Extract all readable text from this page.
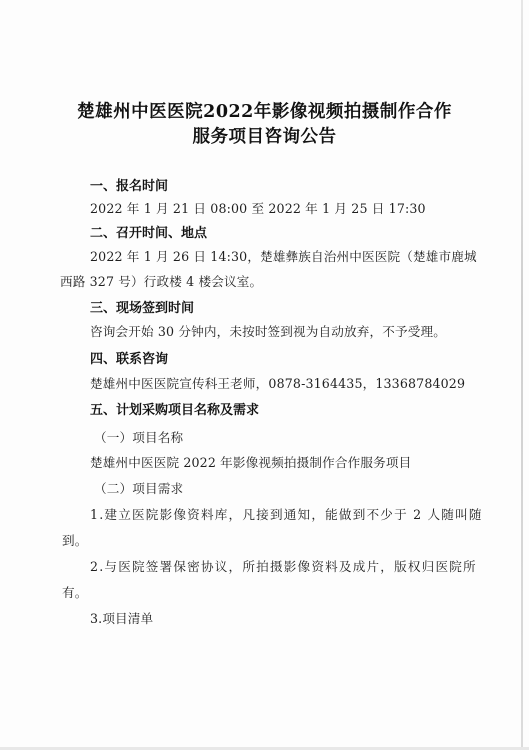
楚雄州中医医院2022年影像视频拍摄制作合作
服务项目咨询公告
一、报名时间
2022 年 1 月 21 日 08:00 至 2022 年 1 月 25 日 17:30
二、召开时间、地点
2022 年 1 月 26 日 14:30，楚雄彝族自治州中医医院（楚雄市鹿城
西路 327 号）行政楼 4 楼会议室。
三、现场签到时间
咨询会开始 30 分钟内，未按时签到视为自动放弃，不予受理。
四、联系咨询
楚雄州中医医院宣传科王老师，0878-3164435，13368784029
五、计划采购项目名称及需求
（一）项目名称
楚雄州中医医院 2022 年影像视频拍摄制作合作服务项目
（二）项目需求
1.建立医院影像资料库，凡接到通知，能做到不少于 2 人随叫随
到。
2.与医院签署保密协议，所拍摄影像资料及成片，版权归医院所
有。
3.项目清单
